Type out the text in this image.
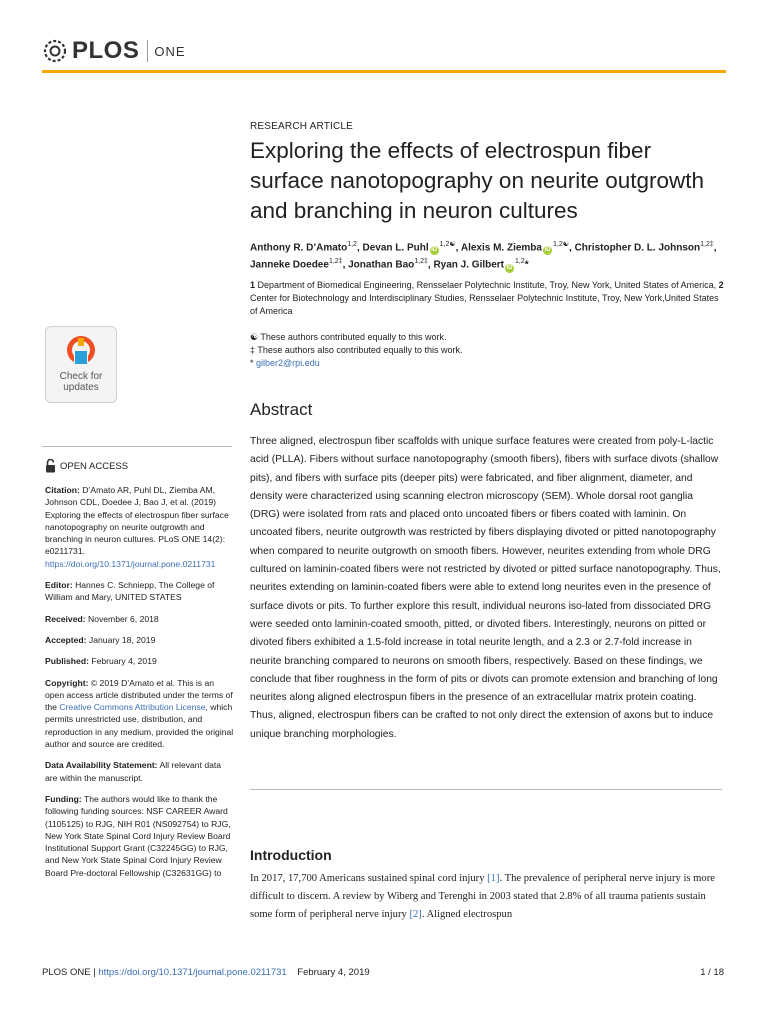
PLOS ONE
RESEARCH ARTICLE
Exploring the effects of electrospun fiber surface nanotopography on neurite outgrowth and branching in neuron cultures
Anthony R. D’Amato$^{1,2}$, Devan L. Puhl $iD^{1,2☯}$, Alexis M. Ziemba $iD^{1,2☯}$, Christopher D. L. Johnson$^{1,2\ddagger}$, Janneke Doedee$^{1,2\ddagger}$, Jonathan Bao$^{1,2\ddagger}$, Ryan J. Gilbert iD$^{1,2}$*
1 Department of Biomedical Engineering, Rensselaer Polytechnic Institute, Troy, New York, United States of America, 2 Center for Biotechnology and Interdisciplinary Studies, Rensselaer Polytechnic Institute, Troy, New York,United States of America
☯ These authors contributed equally to this work.
‡ These authors also contributed equally to this work.
* gilber2@rpi.edu
Abstract
Three aligned, electrospun fiber scaffolds with unique surface features were created from poly-L-lactic acid (PLLA). Fibers without surface nanotopography (smooth fibers), fibers with surface divots (shallow pits), and fibers with surface pits (deeper pits) were fabricated, and fiber alignment, diameter, and density were characterized using scanning electron microscopy (SEM). Whole dorsal root ganglia (DRG) were isolated from rats and placed onto uncoated fibers or fibers coated with laminin. On uncoated fibers, neurite outgrowth was restricted by fibers displaying divoted or pitted nanotopography when compared to neurite outgrowth on smooth fibers. However, neurites extending from whole DRG cultured on laminin-coated fibers were not restricted by divoted or pitted surface nanotopography. Thus, neurites extending on laminin-coated fibers were able to extend long neurites even in the presence of surface divots or pits. To further explore this result, individual neurons iso-lated from dissociated DRG were seeded onto laminin-coated smooth, pitted, or divoted fibers. Interestingly, neurons on pitted or divoted fibers exhibited a 1.5-fold increase in total neurite length, and a 2.3 or 2.7-fold increase in neurite branching compared to neurons on smooth fibers, respectively. Based on these findings, we conclude that fiber roughness in the form of pits or divots can promote extension and branching of long neurites along aligned electrospun fibers in the presence of an extracellular matrix protein coating. Thus, aligned, electrospun fibers can be crafted to not only direct the extension of axons but to induce unique branching morphologies.
Introduction
In 2017, 17,700 Americans sustained spinal cord injury [1]. The prevalence of peripheral nerve injury is more difficult to discern. A review by Wiberg and Terenghi in 2003 stated that 2.8% of all trauma patients sustain some form of peripheral nerve injury [2]. Aligned electrospun
Check for updates
OPEN ACCESS

Citation: D’Amato AR, Puhl DL, Ziemba AM, Johnson CDL, Doedee J, Bao J, et al. (2019) Exploring the effects of electrospun fiber surface nanotopography on neurite outgrowth and branching in neuron cultures. PLoS ONE 14(2): e0211731. https://doi.org/10.1371/journal.pone.0211731

Editor: Hannes C. Schniepp, The College of William and Mary, UNITED STATES

Received: November 6, 2018

Accepted: January 18, 2019

Published: February 4, 2019

Copyright: © 2019 D’Amato et al. This is an open access article distributed under the terms of the Creative Commons Attribution License, which permits unrestricted use, distribution, and reproduction in any medium, provided the original author and source are credited.

Data Availability Statement: All relevant data are within the manuscript.

Funding: The authors would like to thank the following funding sources: NSF CAREER Award (1105125) to RJG, NIH R01 (NS092754) to RJG, New York State Spinal Cord Injury Review Board Institutional Support Grant (C32245GG) to RJG, and New York State Spinal Cord Injury Review Board Pre-doctoral Fellowship (C32631GG) to

PLOS ONE | https://doi.org/10.1371/journal.pone.0211731 February 4, 2019	1 / 18
